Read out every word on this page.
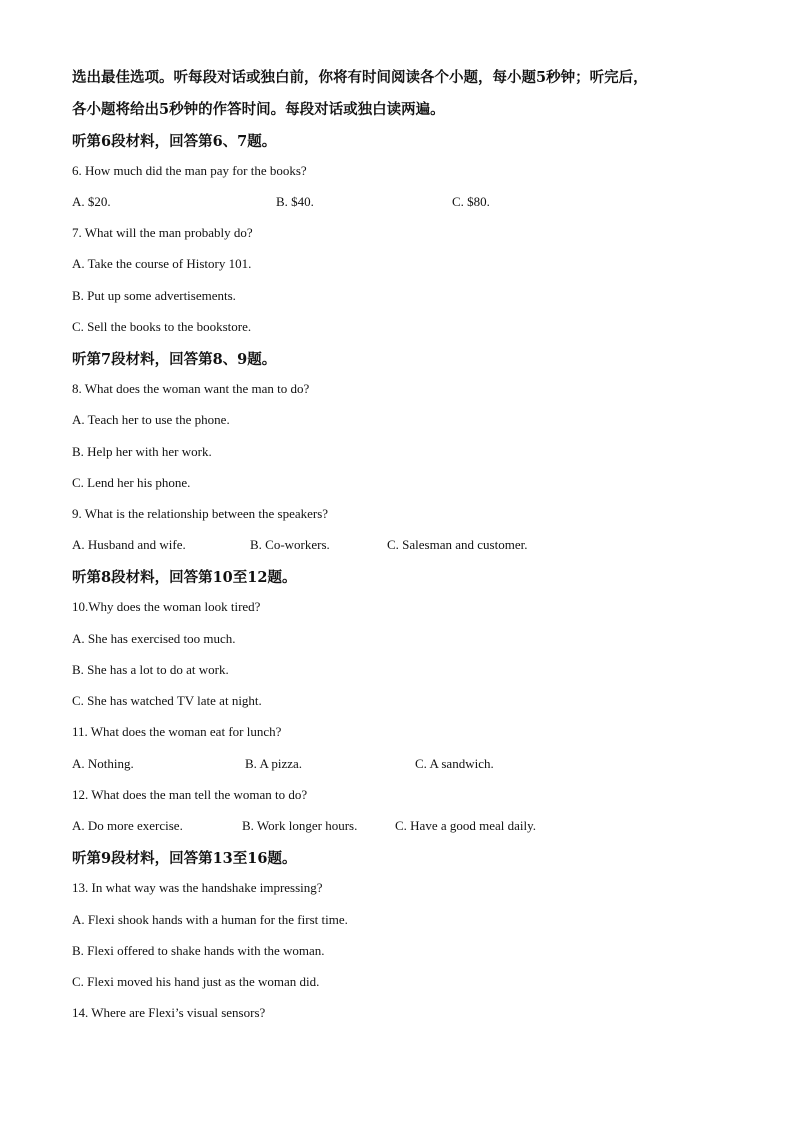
选出最佳选项。听每段对话或独白前，你将有时间阅读各个小题，每小题5秒钟；听完后，
各小题将给出5秒钟的作答时间。每段对话或独白读两遍。
听第6段材料，回答第6、7题。
6. How much did the man pay for the books?
A. $20.	B. $40.	C. $80.
7. What will the man probably do?
A. Take the course of History 101.
B. Put up some advertisements.
C. Sell the books to the bookstore.
听第7段材料，回答第8、9题。
8. What does the woman want the man to do?
A. Teach her to use the phone.
B. Help her with her work.
C. Lend her his phone.
9. What is the relationship between the speakers?
A. Husband and wife.	B. Co-workers.	C. Salesman and customer.
听第8段材料，回答第10至12题。
10.Why does the woman look tired?
A. She has exercised too much.
B. She has a lot to do at work.
C. She has watched TV late at night.
11. What does the woman eat for lunch?
A. Nothing.	B. A pizza.	C. A sandwich.
12. What does the man tell the woman to do?
A. Do more exercise.	B. Work longer hours.	C. Have a good meal daily.
听第9段材料，回答第13至16题。
13. In what way was the handshake impressing?
A. Flexi shook hands with a human for the first time.
B. Flexi offered to shake hands with the woman.
C. Flexi moved his hand just as the woman did.
14. Where are Flexi’s visual sensors?
